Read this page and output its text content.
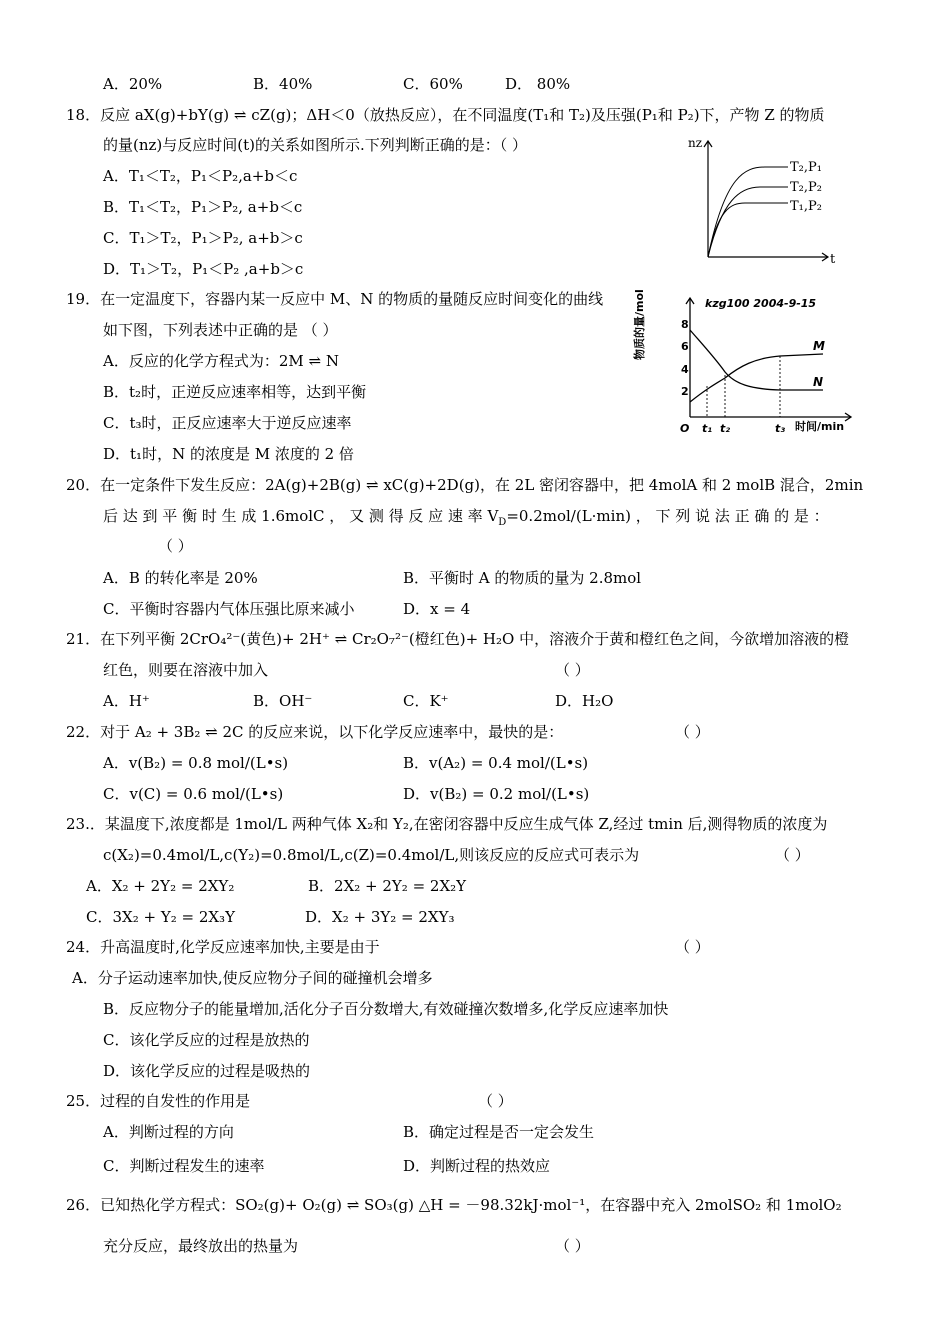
A．20%	B．40%	C．60%	D． 80%
18．反应 aX(g)+bY(g) ⇌ cZ(g)；ΔH＜0（放热反应），在不同温度(T₁和 T₂)及压强(P₁和 P₂)下，产物 Z 的物质
的量(nz)与反应时间(t)的关系如图所示.下列判断正确的是：（ ）
A．T₁＜T₂，P₁＜P₂,a+b＜c
B．T₁＜T₂，P₁＞P₂, a+b＜c
C．T₁＞T₂，P₁＞P₂, a+b＞c
D．T₁＞T₂，P₁＜P₂ ,a+b＞c
nz
t
T₂,P₁
T₂,P₂
T₁,P₂
19．在一定温度下，容器内某一反应中 M、N 的物质的量随反应时间变化的曲线
如下图，下列表述中正确的是 （ ）
A．反应的化学方程式为：2M ⇌ N
B．t₂时，正逆反应速率相等，达到平衡
C．t₃时，正反应速率大于逆反应速率
D．t₁时，N 的浓度是 M 浓度的 2 倍
kzg100 2004-9-15
物质的量/mol	8
6
4
2
M
N
O t₁ t₂	t₃ 时间/min
20．在一定条件下发生反应：2A(g)+2B(g) ⇌ xC(g)+2D(g)，在 2L 密闭容器中，把 4molA 和 2 molB 混合，2min
后 达 到 平 衡 时 生 成 1.6molC ， 又 测 得 反 应 速 率 $V_D=0.2mol/(L\cdot\min)$ ， 下 列 说 法 正 确 的 是 ：
（ ）
A．B 的转化率是 20%	B．平衡时 A 的物质的量为 2.8mol
C．平衡时容器内气体压强比原来减小	D．x = 4
21．在下列平衡 2CrO₄²⁻(黄色)+ 2H⁺ ⇌ Cr₂O₇²⁻(橙红色)+ H₂O 中，溶液介于黄和橙红色之间，今欲增加溶液的橙
红色，则要在溶液中加入	（ ）
A．H⁺	B．OH⁻	C．K⁺	D．H₂O
22．对于 A₂ + 3B₂ ⇌ 2C 的反应来说，以下化学反应速率中，最快的是：	（ ）
A．v(B₂) = 0.8 mol/(L•s)	B．v(A₂) = 0.4 mol/(L•s)
C．v(C) = 0.6 mol/(L•s)	D．v(B₂) = 0.2 mol/(L•s)
23.．某温度下,浓度都是 1mol/L 两种气体 X₂和 Y₂,在密闭容器中反应生成气体 Z,经过 tmin 后,测得物质的浓度为
c(X₂)=0.4mol/L,c(Y₂)=0.8mol/L,c(Z)=0.4mol/L,则该反应的反应式可表示为	（ ）
A．X₂ + 2Y₂ = 2XY₂	B．2X₂ + 2Y₂ = 2X₂Y
C．3X₂ + Y₂ = 2X₃Y	D．X₂ + 3Y₂ = 2XY₃
24．升高温度时,化学反应速率加快,主要是由于	（ ）
A．分子运动速率加快,使反应物分子间的碰撞机会增多
B．反应物分子的能量增加,活化分子百分数增大,有效碰撞次数增多,化学反应速率加快
C．该化学反应的过程是放热的
D．该化学反应的过程是吸热的
25．过程的自发性的作用是	（ ）
A．判断过程的方向	B．确定过程是否一定会发生
C．判断过程发生的速率	D．判断过程的热效应
26．已知热化学方程式：SO₂(g)+ O₂(g) ⇌ SO₃(g) △H = －98.32kJ·mol⁻¹，在容器中充入 2molSO₂ 和 1molO₂
充分反应，最终放出的热量为	（ ）
